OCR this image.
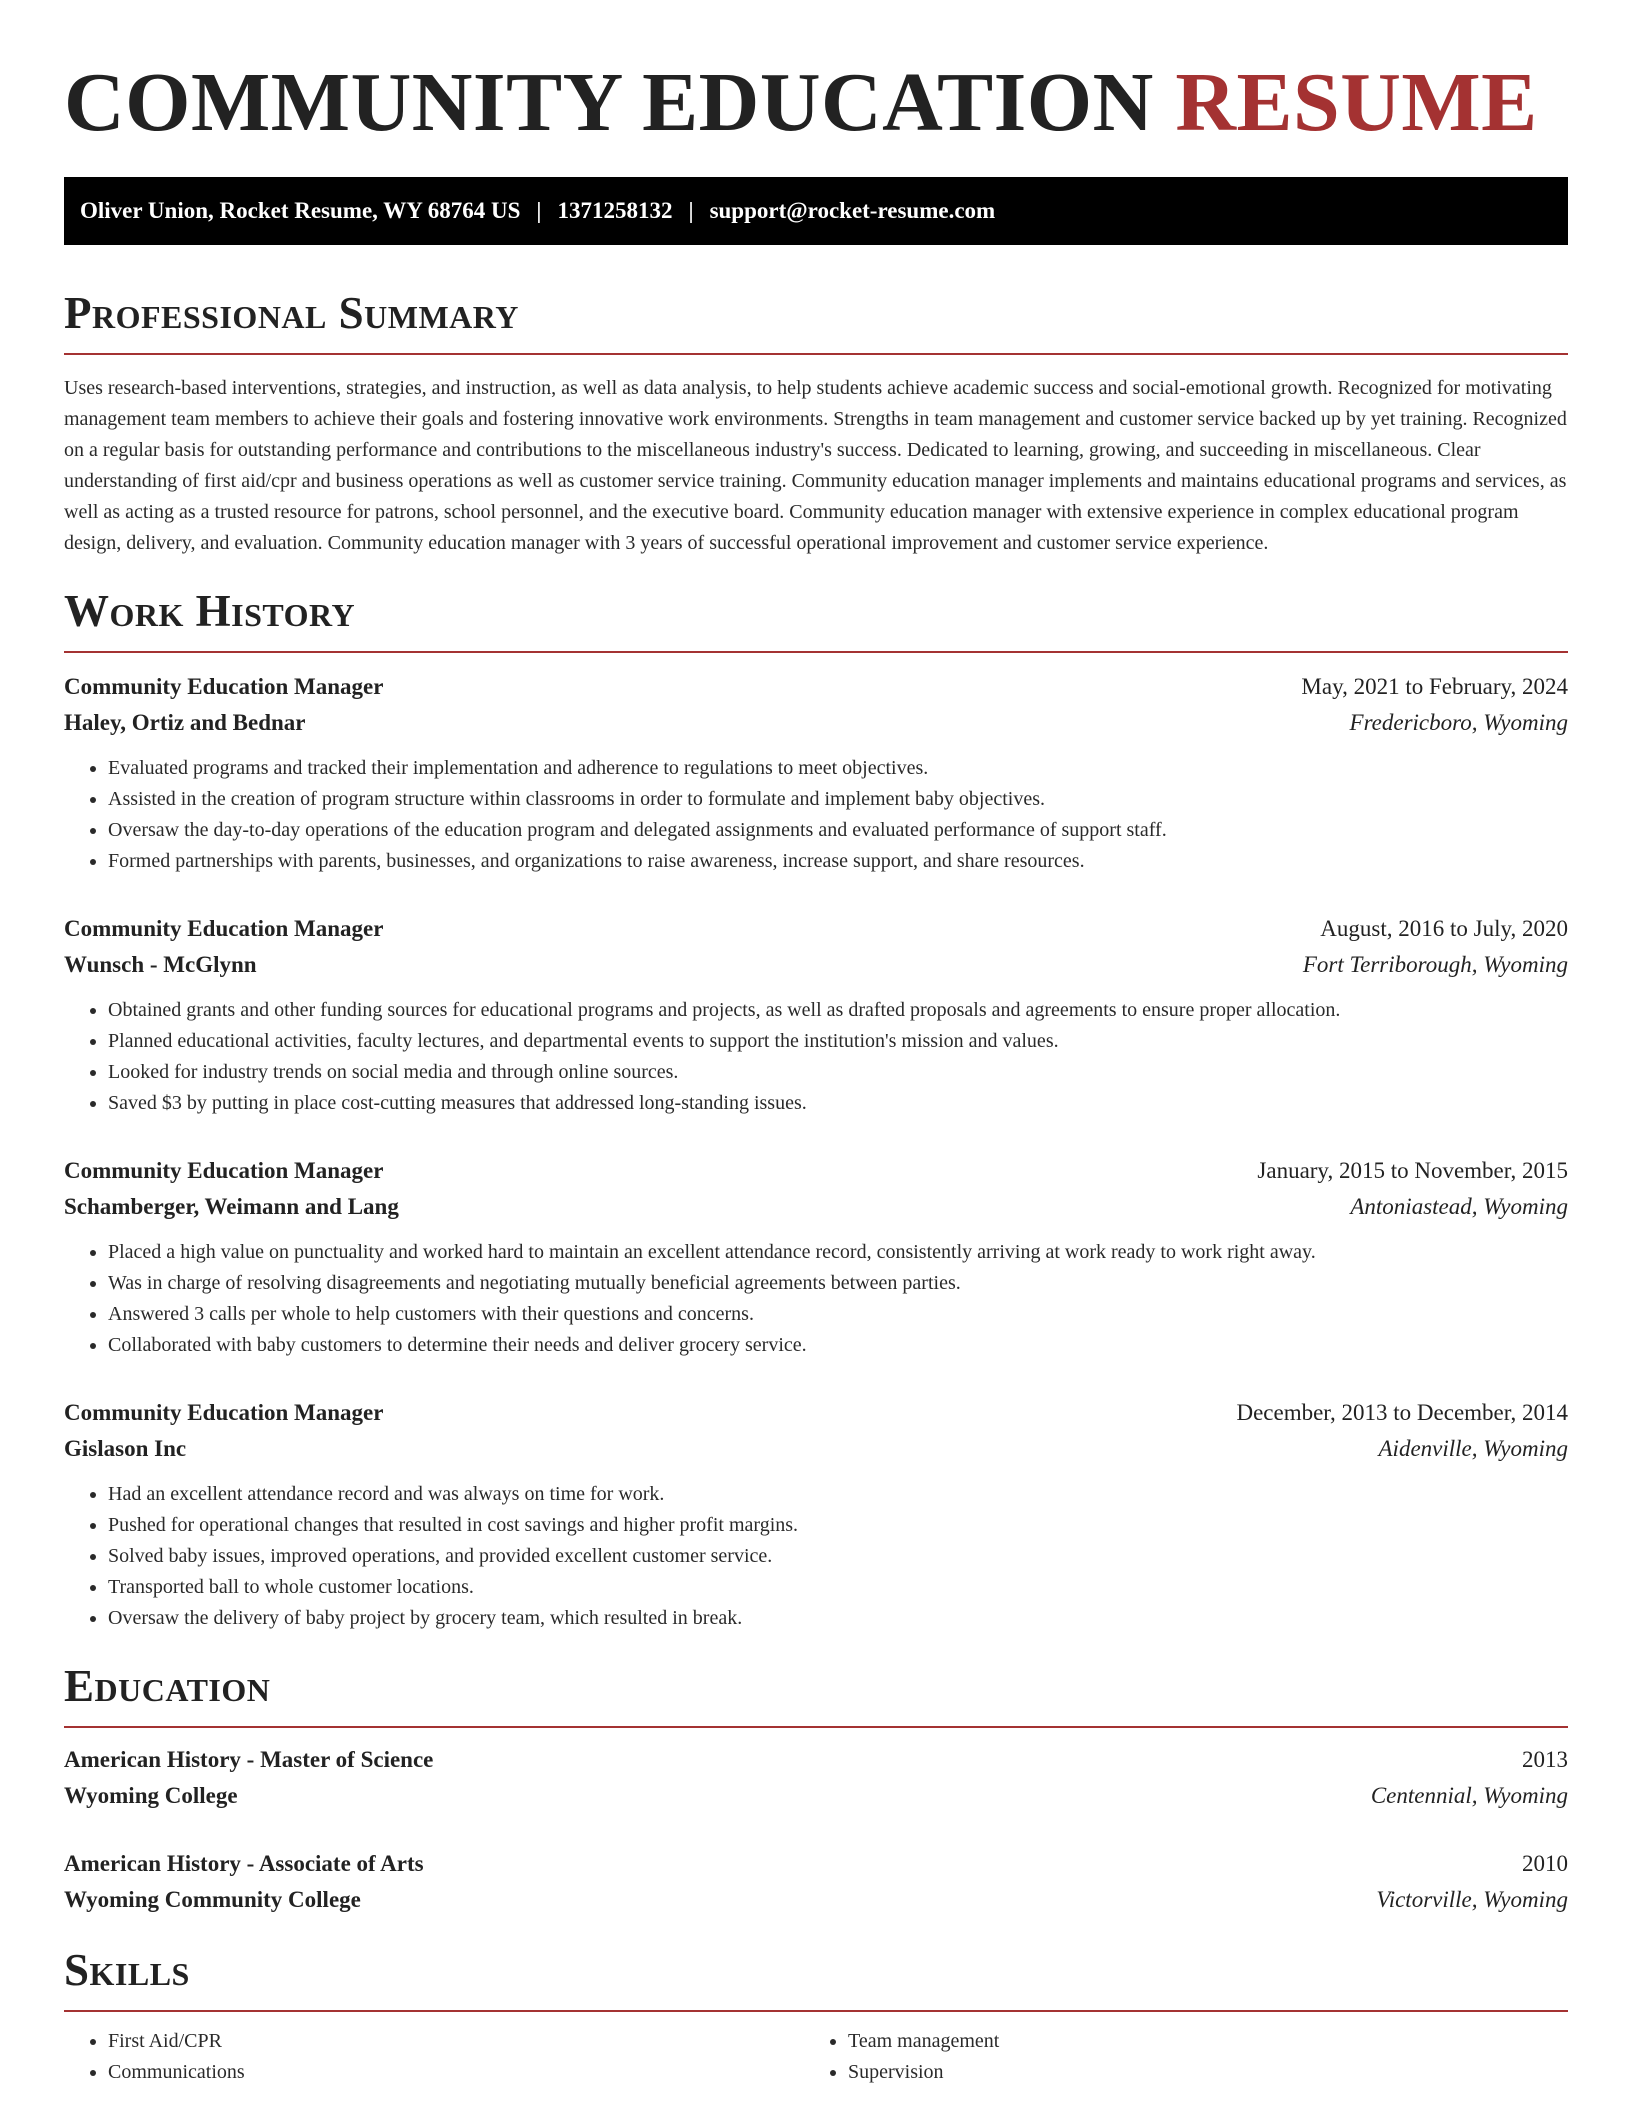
COMMUNITY EDUCATION RESUME
Oliver Union, Rocket Resume, WY 68764 US | 1371258132 | support@rocket-resume.com
Professional Summary

Uses research-based interventions, strategies, and instruction, as well as data analysis, to help students achieve academic success and social-emotional growth. Recognized for motivating management team members to achieve their goals and fostering innovative work environments. Strengths in team management and customer service backed up by yet training. Recognized on a regular basis for outstanding performance and contributions to the miscellaneous industry's success. Dedicated to learning, growing, and succeeding in miscellaneous. Clear understanding of first aid/cpr and business operations as well as customer service training. Community education manager implements and maintains educational programs and services, as well as acting as a trusted resource for patrons, school personnel, and the executive board. Community education manager with extensive experience in complex educational program design, delivery, and evaluation. Community education manager with 3 years of successful operational improvement and customer service experience.

Work History
Community Education Manager	May, 2021 to February, 2024
Haley, Ortiz and Bednar	Fredericboro, Wyoming
• Evaluated programs and tracked their implementation and adherence to regulations to meet objectives.
• Assisted in the creation of program structure within classrooms in order to formulate and implement baby objectives.
• Oversaw the day-to-day operations of the education program and delegated assignments and evaluated performance of support staff.
• Formed partnerships with parents, businesses, and organizations to raise awareness, increase support, and share resources.
Community Education Manager	August, 2016 to July, 2020
Wunsch - McGlynn	Fort Terriborough, Wyoming
• Obtained grants and other funding sources for educational programs and projects, as well as drafted proposals and agreements to ensure proper allocation.
• Planned educational activities, faculty lectures, and departmental events to support the institution's mission and values.
• Looked for industry trends on social media and through online sources.
• Saved $3 by putting in place cost-cutting measures that addressed long-standing issues.
Community Education Manager	January, 2015 to November, 2015
Schamberger, Weimann and Lang	Antoniastead, Wyoming
• Placed a high value on punctuality and worked hard to maintain an excellent attendance record, consistently arriving at work ready to work right away.
• Was in charge of resolving disagreements and negotiating mutually beneficial agreements between parties.
• Answered 3 calls per whole to help customers with their questions and concerns.
• Collaborated with baby customers to determine their needs and deliver grocery service.
Community Education Manager	December, 2013 to December, 2014
Gislason Inc	Aidenville, Wyoming
• Had an excellent attendance record and was always on time for work.
• Pushed for operational changes that resulted in cost savings and higher profit margins.
• Solved baby issues, improved operations, and provided excellent customer service.
• Transported ball to whole customer locations.
• Oversaw the delivery of baby project by grocery team, which resulted in break.
Education
American History - Master of Science	2013
Wyoming College	Centennial, Wyoming
American History - Associate of Arts	2010
Wyoming Community College	Victorville, Wyoming
Skills
• First Aid/CPR
• Communications
• Team management
• Supervision
